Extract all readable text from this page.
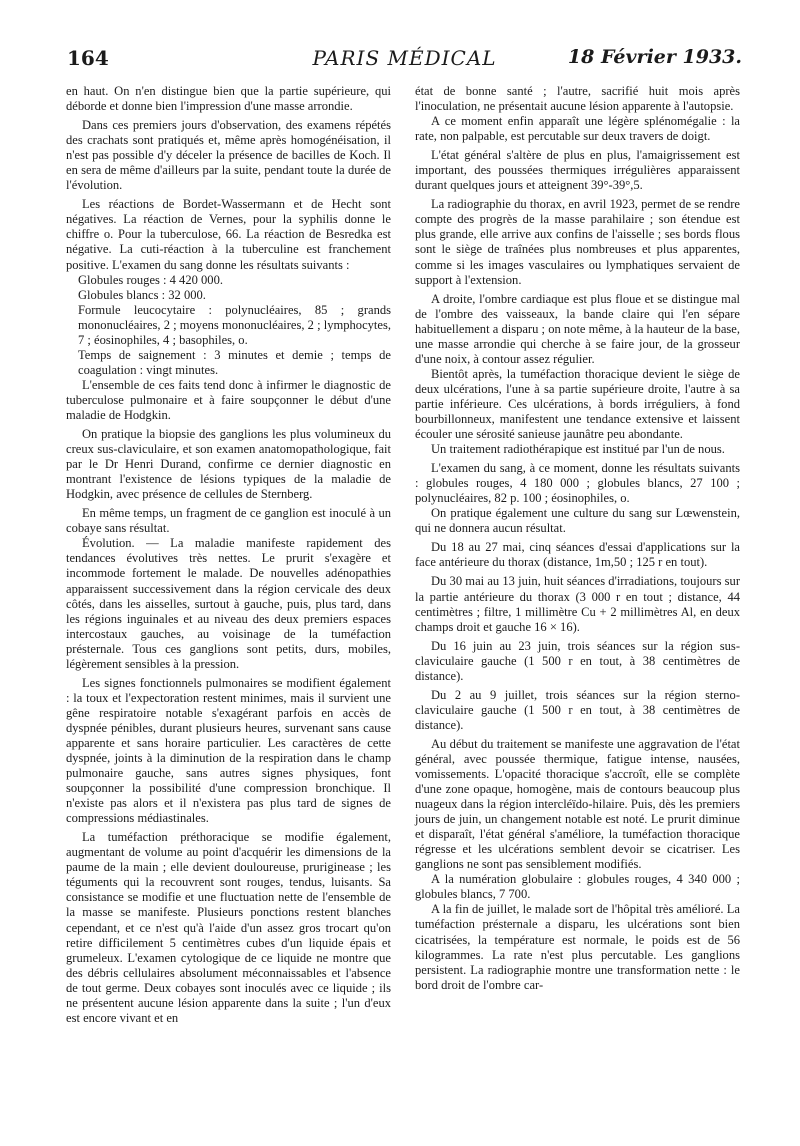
164	PARIS MÉDICAL	18 Février 1933.

en haut. On n'en distingue bien que la partie supérieure, qui déborde et donne bien l'impression d'une masse arrondie.

Dans ces premiers jours d'observation, des examens répétés des crachats sont pratiqués et, même après homogénéisation, il n'est pas possible d'y déceler la présence de bacilles de Koch. Il en sera de même d'ailleurs par la suite, pendant toute la durée de l'évolution.

Les réactions de Bordet-Wassermann et de Hecht sont négatives. La réaction de Vernes, pour la syphilis donne le chiffre o. Pour la tuberculose, 66. La réaction de Besredka est négative. La cuti-réaction à la tuberculine est franchement positive. L'examen du sang donne les résultats suivants :

Globules rouges : 4 420 000.

Globules blancs : 32 000.

Formule leucocytaire : polynucléaires, 85 ; grands mononucléaires, 2 ; moyens mononucléaires, 2 ; lymphocytes, 7 ; éosinophiles, 4 ; basophiles, o.

Temps de saignement : 3 minutes et demie ; temps de coagulation : vingt minutes.

L'ensemble de ces faits tend donc à infirmer le diagnostic de tuberculose pulmonaire et à faire soupçonner le début d'une maladie de Hodgkin.

On pratique la biopsie des ganglions les plus volumineux du creux sus-claviculaire, et son examen anatomopathologique, fait par le Dr Henri Durand, confirme ce dernier diagnostic en montrant l'existence de lésions typiques de la maladie de Hodgkin, avec présence de cellules de Sternberg.

En même temps, un fragment de ce ganglion est inoculé à un cobaye sans résultat.

Évolution. — La maladie manifeste rapidement des tendances évolutives très nettes. Le prurit s'exagère et incommode fortement le malade. De nouvelles adénopathies apparaissent successivement dans la région cervicale des deux côtés, dans les aisselles, surtout à gauche, puis, plus tard, dans les régions inguinales et au niveau des deux premiers espaces intercostaux gauches, au voisinage de la tuméfaction présternale. Tous ces ganglions sont petits, durs, mobiles, légèrement sensibles à la pression.

Les signes fonctionnels pulmonaires se modifient également : la toux et l'expectoration restent minimes, mais il survient une gêne respiratoire notable s'exagérant parfois en accès de dyspnée pénibles, durant plusieurs heures, survenant sans cause apparente et sans horaire particulier. Les caractères de cette dyspnée, joints à la diminution de la respiration dans le champ pulmonaire gauche, sans autres signes physiques, font soupçonner la possibilité d'une compression bronchique. Il n'existe pas alors et il n'existera pas plus tard de signes de compressions médiastinales.

La tuméfaction préthoracique se modifie également, augmentant de volume au point d'acquérir les dimensions de la paume de la main ; elle devient douloureuse, pruriginease ; les téguments qui la recouvrent sont rouges, tendus, luisants. Sa consistance se modifie et une fluctuation nette de l'ensemble de la masse se manifeste. Plusieurs ponctions restent blanches cependant, et ce n'est qu'à l'aide d'un assez gros trocart qu'on retire difficilement 5 centimètres cubes d'un liquide épais et grumeleux. L'examen cytologique de ce liquide ne montre que des débris cellulaires absolument méconnaissables et l'absence de tout germe. Deux cobayes sont inoculés avec ce liquide ; ils ne présentent aucune lésion apparente dans la suite ; l'un d'eux est encore vivant et en

état de bonne santé ; l'autre, sacrifié huit mois après l'inoculation, ne présentait aucune lésion apparente à l'autopsie.

A ce moment enfin apparaît une légère splénomégalie : la rate, non palpable, est percutable sur deux travers de doigt.

L'état général s'altère de plus en plus, l'amaigrissement est important, des poussées thermiques irrégulières apparaissent durant quelques jours et atteignent 39°-39°,5.

La radiographie du thorax, en avril 1923, permet de se rendre compte des progrès de la masse parahilaire ; son étendue est plus grande, elle arrive aux confins de l'aisselle ; ses bords flous sont le siège de traînées plus nombreuses et plus apparentes, comme si les images vasculaires ou lymphatiques servaient de support à l'extension.

A droite, l'ombre cardiaque est plus floue et se distingue mal de l'ombre des vaisseaux, la bande claire qui l'en sépare habituellement a disparu ; on note même, à la hauteur de la base, une masse arrondie qui cherche à se faire jour, de la grosseur d'une noix, à contour assez régulier.

Bientôt après, la tuméfaction thoracique devient le siège de deux ulcérations, l'une à sa partie supérieure droite, l'autre à sa partie inférieure. Ces ulcérations, à bords irréguliers, à fond bourbillonneux, manifestent une tendance extensive et laissent écouler une sérosité sanieuse jaunâtre peu abondante.

Un traitement radiothérapique est institué par l'un de nous.

L'examen du sang, à ce moment, donne les résultats suivants : globules rouges, 4 180 000 ; globules blancs, 27 100 ; polynucléaires, 82 p. 100 ; éosinophiles, o.

On pratique également une culture du sang sur Lœwenstein, qui ne donnera aucun résultat.

Du 18 au 27 mai, cinq séances d'essai d'applications sur la face antérieure du thorax (distance, 1m,50 ; 125 r en tout).

Du 30 mai au 13 juin, huit séances d'irradiations, toujours sur la partie antérieure du thorax (3 000 r en tout ; distance, 44 centimètres ; filtre, 1 millimètre Cu + 2 millimètres Al, en deux champs droit et gauche 16 × 16).

Du 16 juin au 23 juin, trois séances sur la région sus-claviculaire gauche (1 500 r en tout, à 38 centimètres de distance).

Du 2 au 9 juillet, trois séances sur la région sterno-claviculaire gauche (1 500 r en tout, à 38 centimètres de distance).

Au début du traitement se manifeste une aggravation de l'état général, avec poussée thermique, fatigue intense, nausées, vomissements. L'opacité thoracique s'accroît, elle se complète d'une zone opaque, homogène, mais de contours beaucoup plus nuageux dans la région intercléïdo-hilaire. Puis, dès les premiers jours de juin, un changement notable est noté. Le prurit diminue et disparaît, l'état général s'améliore, la tuméfaction thoracique régresse et les ulcérations semblent devoir se cicatriser. Les ganglions ne sont pas sensiblement modifiés.

A la numération globulaire : globules rouges, 4 340 000 ; globules blancs, 7 700.

A la fin de juillet, le malade sort de l'hôpital très amélioré. La tuméfaction présternale a disparu, les ulcérations sont bien cicatrisées, la température est normale, le poids est de 56 kilogrammes. La rate n'est plus percutable. Les ganglions persistent. La radiographie montre une transformation nette : le bord droit de l'ombre car-
